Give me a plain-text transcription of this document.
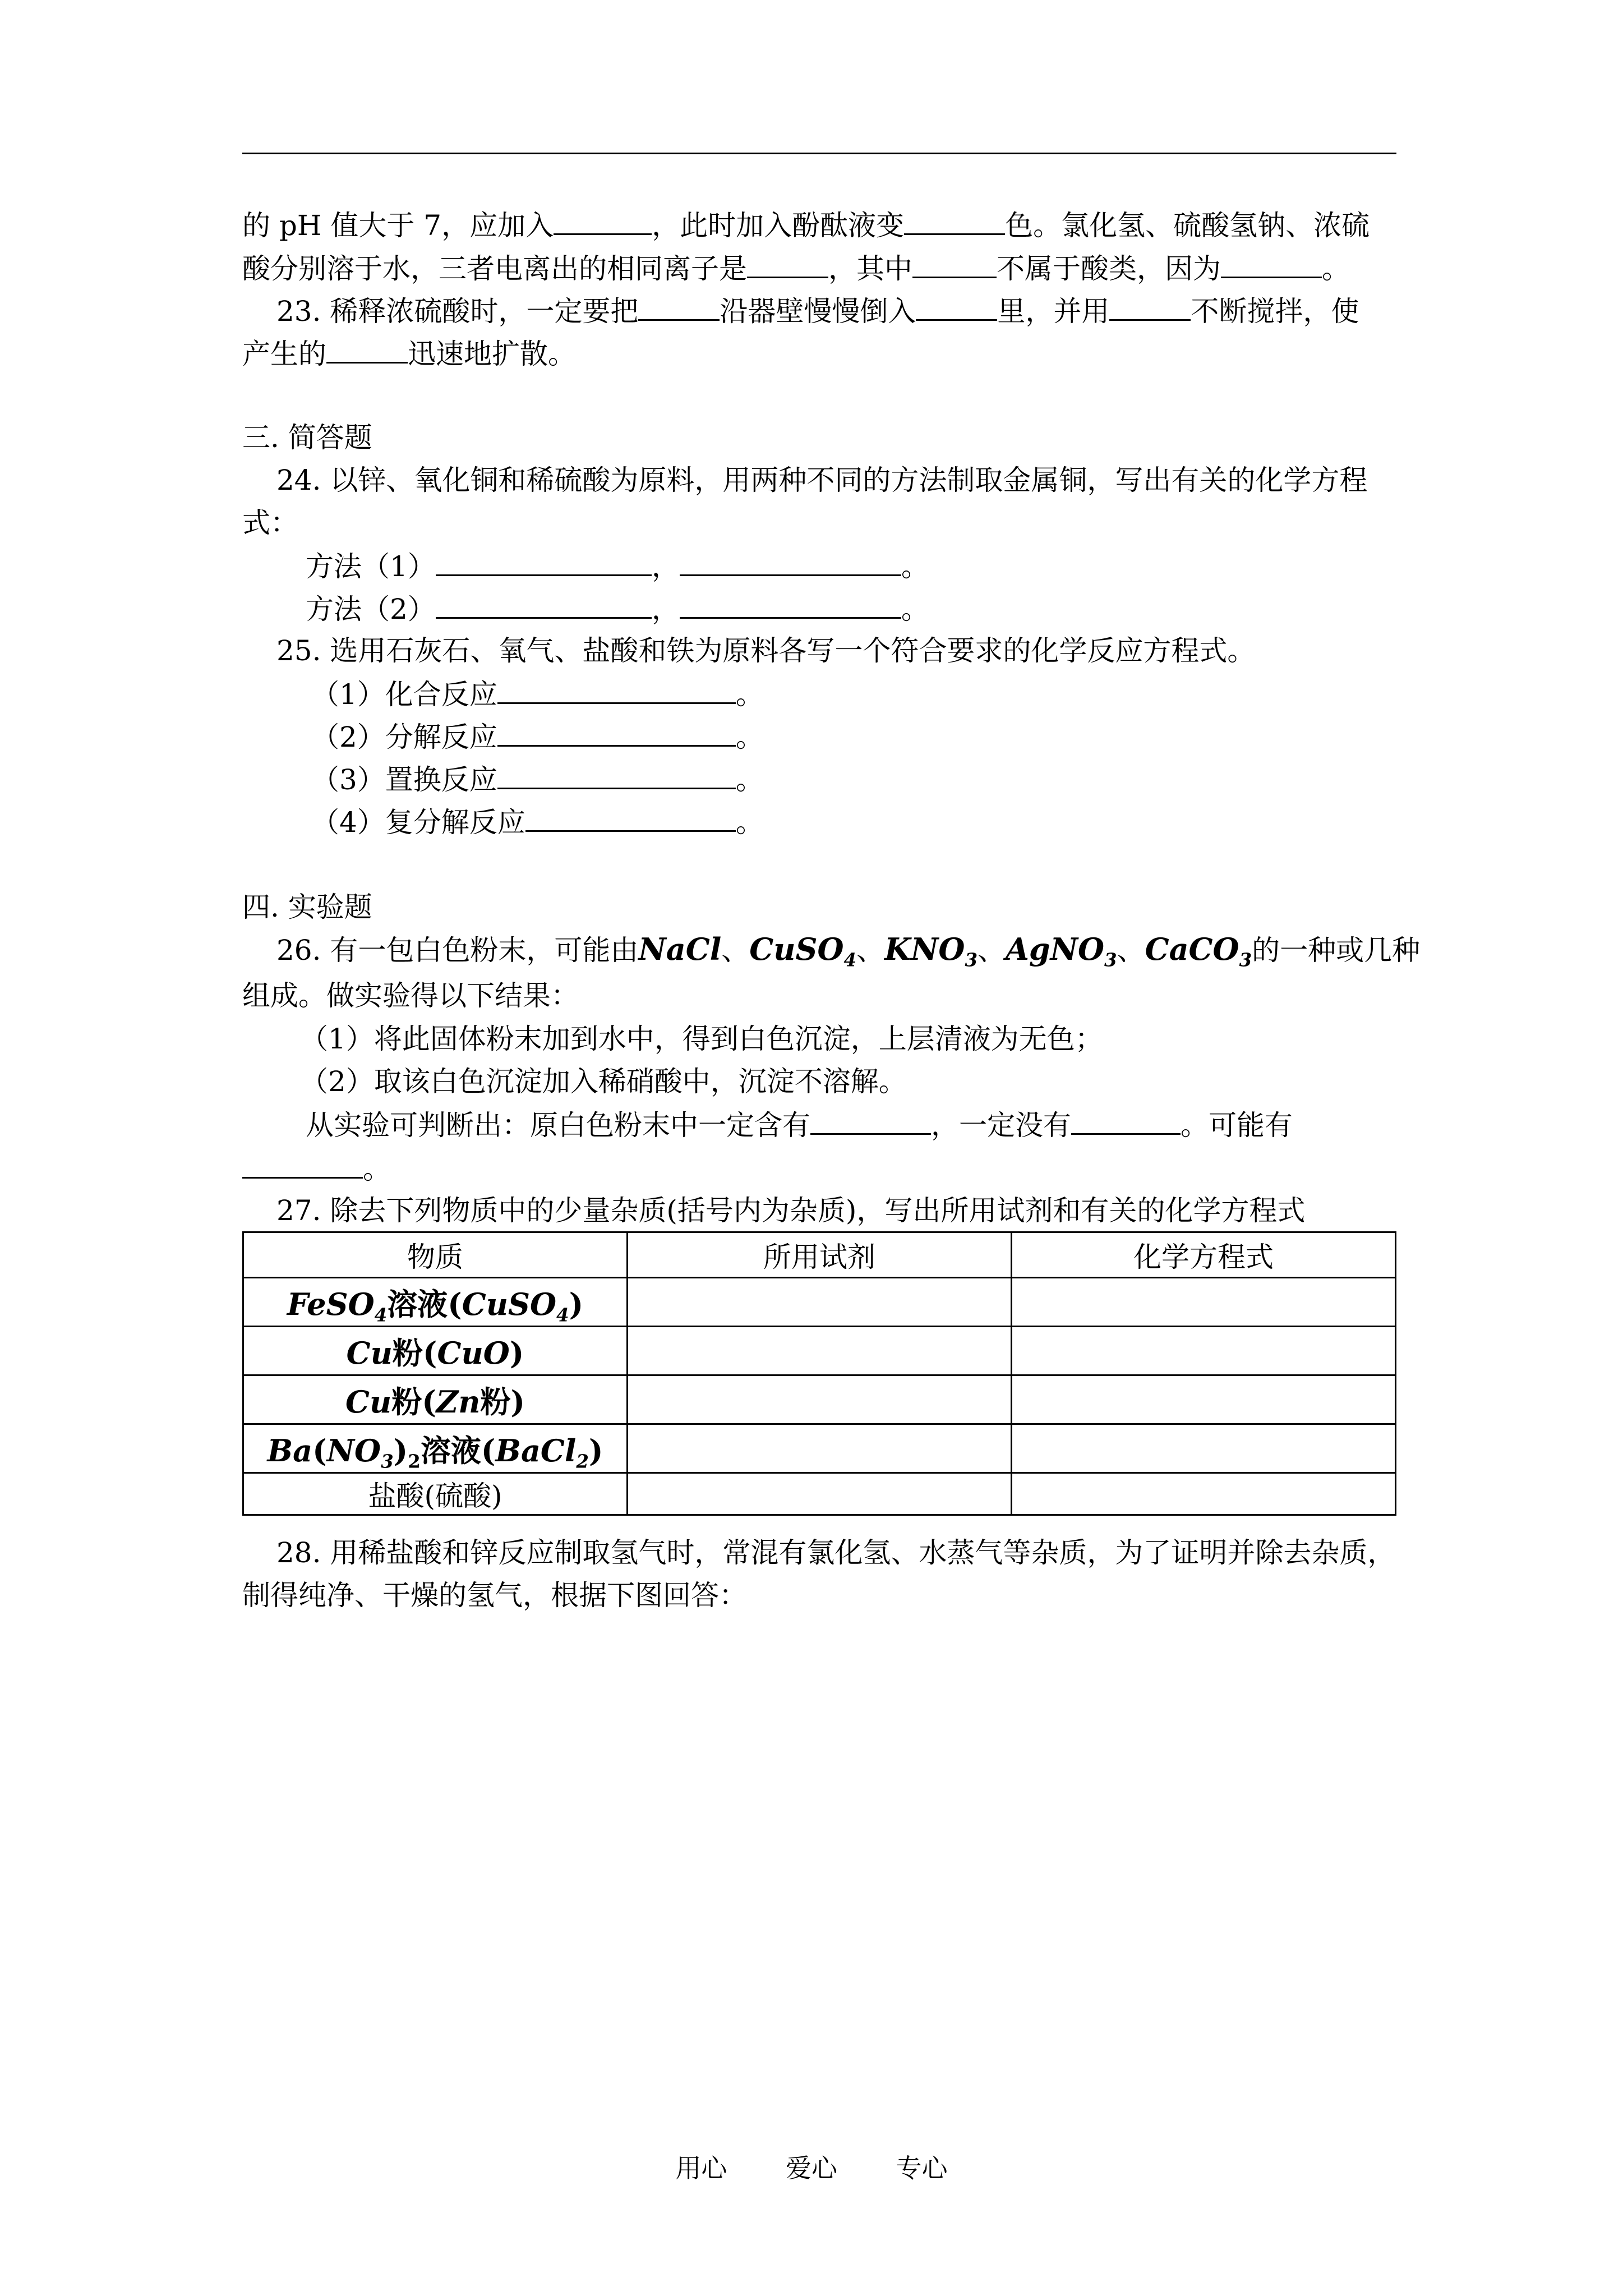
的 pH 值大于 7，应加入	，此时加入酚酞液变	色。氯化氢、硫酸氢钠、浓硫
酸分别溶于水，三者电离出的相同离子是	，其中	不属于酸类，因为	。
23. 稀释浓硫酸时，一定要把	沿器壁慢慢倒入	里，并用	不断搅拌，使
产生的	迅速地扩散。
三. 简答题
24. 以锌、氧化铜和稀硫酸为原料，用两种不同的方法制取金属铜，写出有关的化学方程
式：
方法（1）	，	。
方法（2）	，	。
25. 选用石灰石、氧气、盐酸和铁为原料各写一个符合要求的化学反应方程式。
（1）化合反应	。
（2）分解反应	。
（3）置换反应	。
（4）复分解反应	。
四. 实验题
26. 有一包白色粉末，可能由NaCl、CuSO$_4$、$KNO_3$、AgNO$_3$、CaCO$_3$的一种或几种
组成。做实验得以下结果：
（1）将此固体粉末加到水中，得到白色沉淀，上层清液为无色；
（2）取该白色沉淀加入稀硝酸中，沉淀不溶解。
从实验可判断出：原白色粉末中一定含有	，一定没有	。可能有
。
27. 除去下列物质中的少量杂质(括号内为杂质)，写出所用试剂和有关的化学方程式
物质	所用试剂	化学方程式
FeSO$_4$溶液(CuSO$_4$)		
Cu粉(CuO)		
Cu粉(Zn粉)		
$Ba(NO_3)_2$溶液(BaCl$_2$)		
盐酸(硫酸)		
28. 用稀盐酸和锌反应制取氢气时，常混有氯化氢、水蒸气等杂质，为了证明并除去杂质，
制得纯净、干燥的氢气，根据下图回答：
用心 爱心 专心
